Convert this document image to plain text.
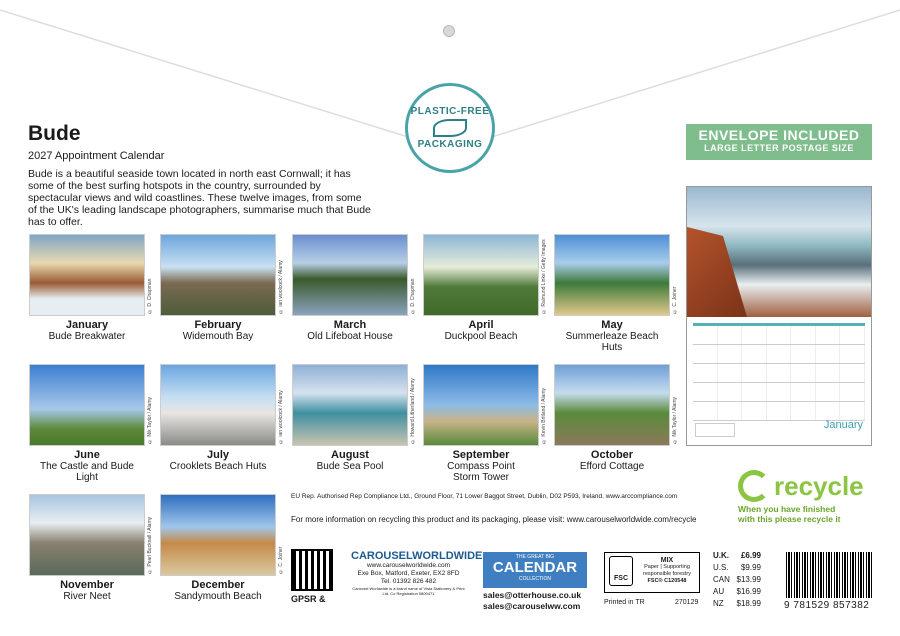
PLASTIC-FREE
PACKAGING
Bude
2027 Appointment Calendar
Bude is a beautiful seaside town located in north east Cornwall; it has some of the best surfing hotspots in the country, surrounded by spectacular views and wild coastlines. These twelve images, from some of the UK's leading landscape photographers, summarise much that Bude has to offer.
ENVELOPE INCLUDED
LARGE LETTER POSTAGE SIZE
January
© D. Chapman
January
Bude Breakwater
© ian woolcock / Alamy
February
Widemouth Bay
© D. Chapman
March
Old Lifeboat House
© Raimund Linke / Getty Images
April
Duckpool Beach
© C. Joiner
May
Summerleaze Beach Huts
© Nik Taylor / Alamy
June
The Castle and Bude Light
© ian woolcock / Alamy
July
Crooklets Beach Huts
© Howard Litherland / Alamy
August
Bude Sea Pool
© Kevin Britland / Alamy
September
Compass Point
Storm Tower
© Nik Taylor / Alamy
October
Efford Cottage
© Pearl Bucknall / Alamy
November
River Neet
© C. Joiner
December
Sandymouth Beach
recycle
When you have finished
with this please recycle it
EU Rep. Authorised Rep Compliance Ltd., Ground Floor, 71 Lower Baggot Street, Dublin, D02 P593, Ireland. www.arccompliance.com
For more information on recycling this product and its packaging, please visit: www.carouselworldwide.com/recycle
GPSR &
CAROUSELWORLDWIDE
www.carouselworldwide.com
Exe Box, Matford, Exeter, EX2 8FD
Tel. 01392 826 482
Carousel Worldwide is a brand name of Vista Stationery & Print Ltd. Co Registration 5800471
THE GREAT BIG
CALENDAR
COLLECTION
sales@otterhouse.co.uk
sales@carouselww.com
FSC
MIX
Paper | Supporting
responsible forestry
FSC® C120548
Printed in TR	270129
U.K. £6.99
U.S. $9.99
CAN $13.99
AU $16.99
NZ $18.99 9 781529 857382
